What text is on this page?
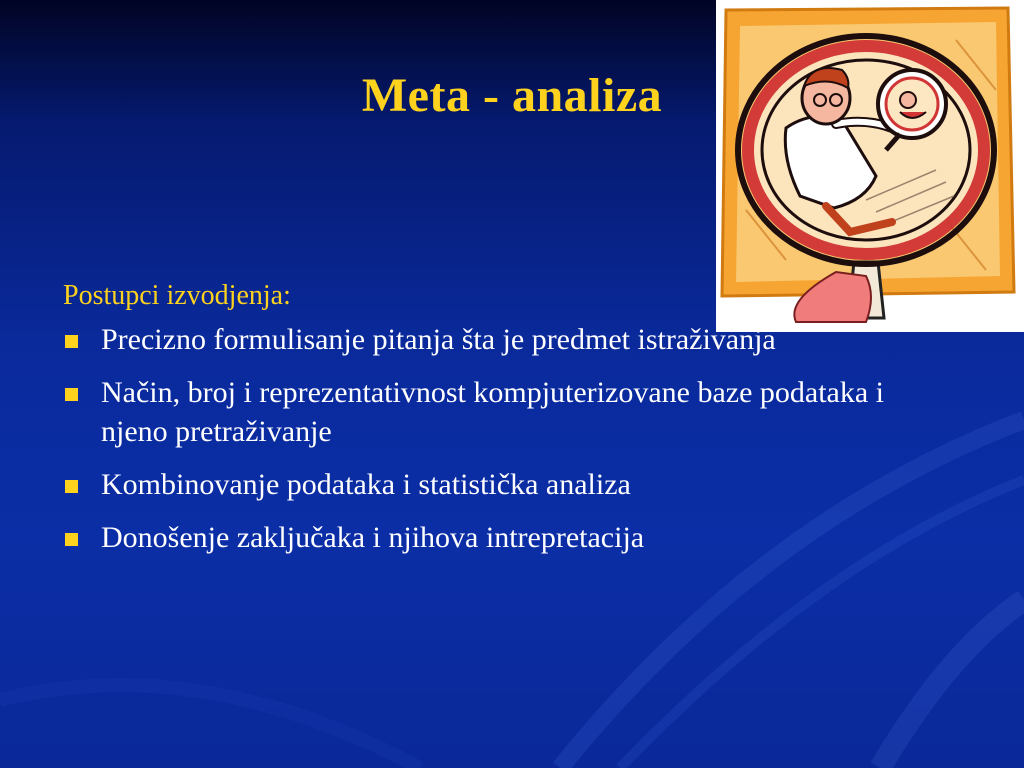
Meta - analiza

Postupci izvodjenja:

Precizno formulisanje pitanja šta je predmet istraživanja
Način, broj i reprezentativnost kompjuterizovane baze podataka i njeno pretraživanje
Kombinovanje podataka i statistička analiza
Donošenje zaključaka i njihova intrepretacija
